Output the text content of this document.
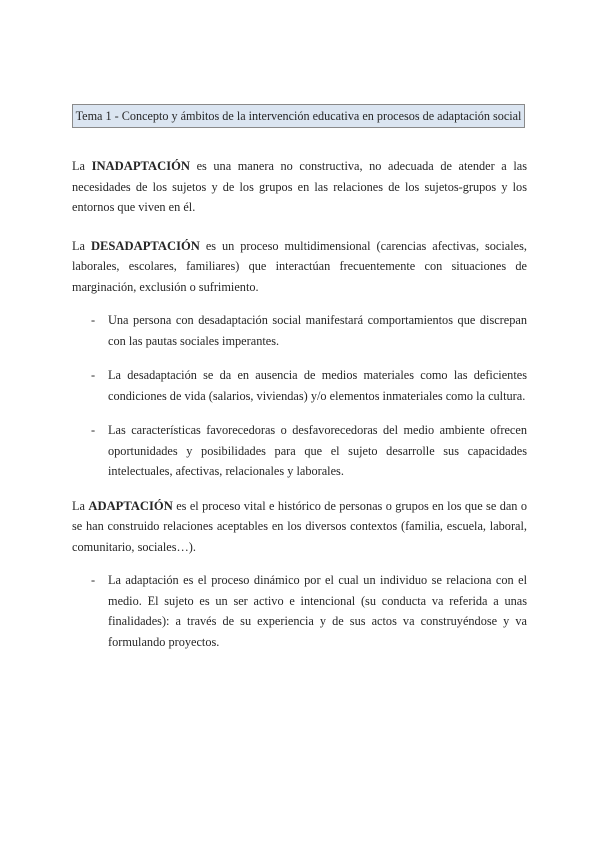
Tema 1 - Concepto y ámbitos de la intervención educativa en procesos de adaptación social

La INADAPTACIÓN es una manera no constructiva, no adecuada de atender a las necesidades de los sujetos y de los grupos en las relaciones de los sujetos-grupos y los entornos que viven en él.

La DESADAPTACIÓN es un proceso multidimensional (carencias afectivas, sociales, laborales, escolares, familiares) que interactúan frecuentemente con situaciones de marginación, exclusión o sufrimiento.

- Una persona con desadaptación social manifestará comportamientos que discrepan con las pautas sociales imperantes.
- La desadaptación se da en ausencia de medios materiales como las deficientes condiciones de vida (salarios, viviendas) y/o elementos inmateriales como la cultura.
- Las características favorecedoras o desfavorecedoras del medio ambiente ofrecen oportunidades y posibilidades para que el sujeto desarrolle sus capacidades intelectuales, afectivas, relacionales y laborales.

La ADAPTACIÓN es el proceso vital e histórico de personas o grupos en los que se dan o se han construido relaciones aceptables en los diversos contextos (familia, escuela, laboral, comunitario, sociales…).

- La adaptación es el proceso dinámico por el cual un individuo se relaciona con el medio. El sujeto es un ser activo e intencional (su conducta va referida a unas finalidades): a través de su experiencia y de sus actos va construyéndose y va formulando proyectos.
